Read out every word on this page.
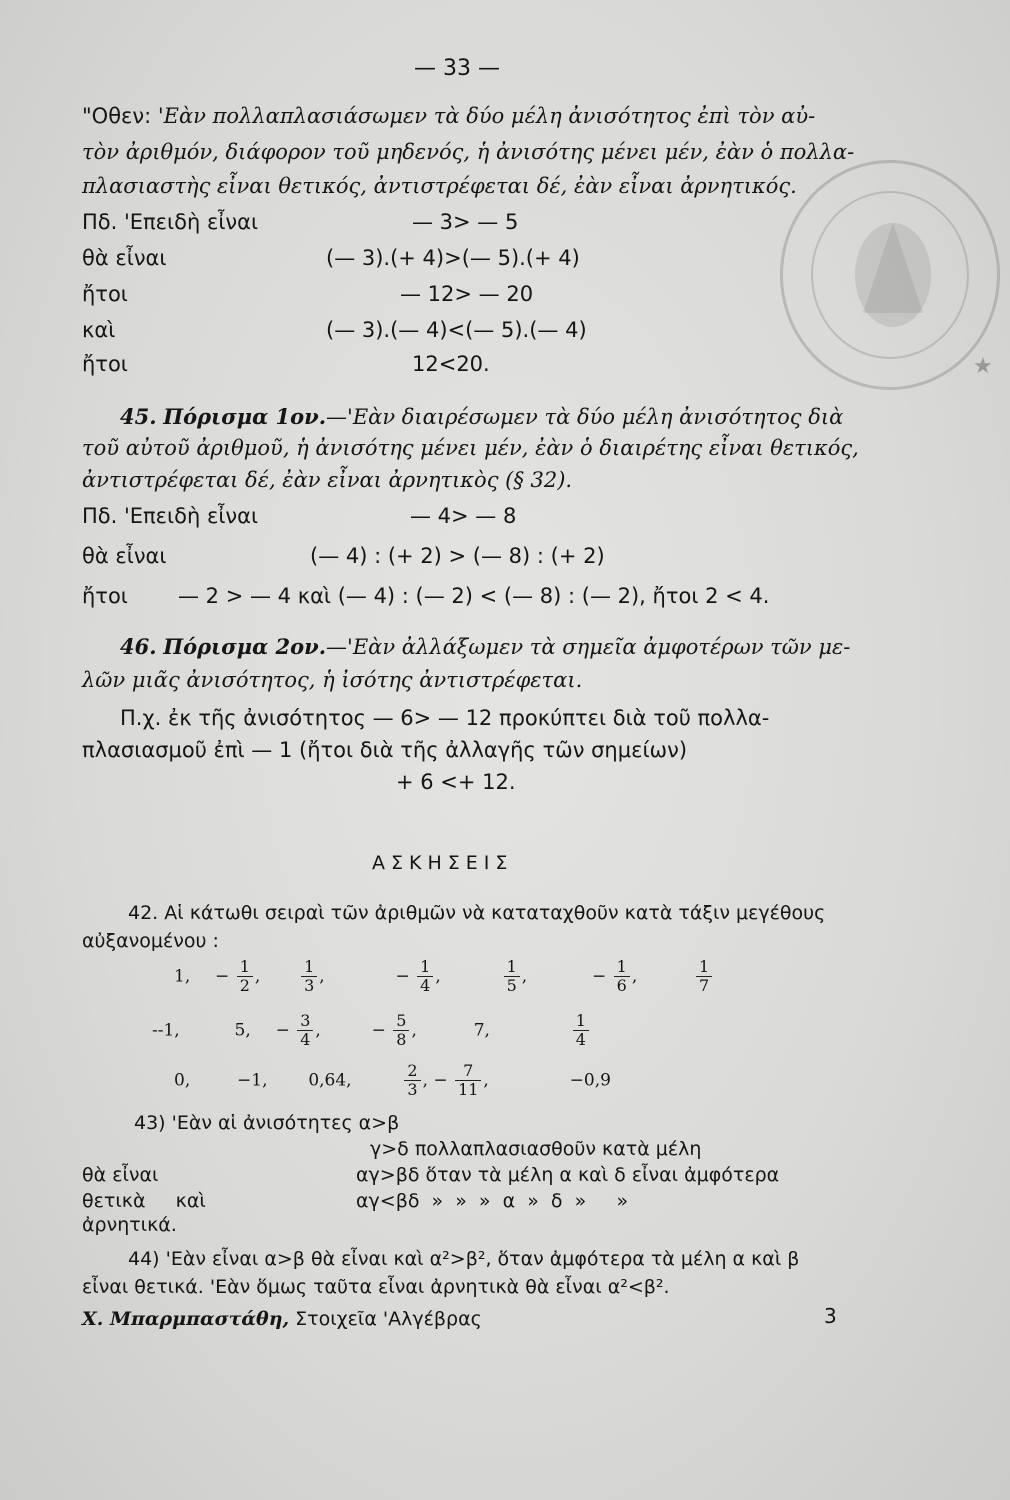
★
— 33 —
"Οθεν: 'Εὰν πολλαπλασιάσωμεν τὰ δύο μέλη ἀνισότητος ἐπὶ τὸν αὐ-
τὸν ἀριθμόν, διάφορον τοῦ μηδενός, ἡ ἀνισότης μένει μέν, ἐὰν ὁ πολλα-
πλασιαστὴς εἶναι θετικός, ἀντιστρέφεται δέ, ἐὰν εἶναι ἀρνητικός.
Πδ. 'Επειδὴ εἶναι	— 3> — 5
θὰ εἶναι	(— 3).(+ 4)>(— 5).(+ 4)
ἤτοι	— 12> — 20
καὶ	(— 3).(— 4)<(— 5).(— 4)
ἤτοι	12<20.
45. Πόρισμα 1ον.—'Εὰν διαιρέσωμεν τὰ δύο μέλη ἀνισότητος διὰ
τοῦ αὐτοῦ ἀριθμοῦ, ἡ ἀνισότης μένει μέν, ἐὰν ὁ διαιρέτης εἶναι θετικός,
ἀντιστρέφεται δέ, ἐὰν εἶναι ἀρνητικὸς (§ 32).
Πδ. 'Επειδὴ εἶναι	— 4> — 8
θὰ εἶναι	(— 4) : (+ 2) > (— 8) : (+ 2)
ἤτοι — 2 > — 4 καὶ (— 4) : (— 2) < (— 8) : (— 2), ἤτοι 2 < 4.
46. Πόρισμα 2ον.—'Εὰν ἀλλάξωμεν τὰ σημεῖα ἀμφοτέρων τῶν με-
λῶν μιᾶς ἀνισότητος, ἡ ἰσότης ἀντιστρέφεται.
Π.χ. ἐκ τῆς ἀνισότητος — 6> — 12 προκύπτει διὰ τοῦ πολλα-
πλασιασμοῦ ἐπὶ — 1 (ἤτοι διὰ τῆς ἀλλαγῆς τῶν σημείων)
+ 6 <+ 12.
ΑΣΚΗΣΕΙΣ
42. Αἱ κάτωθι σειραὶ τῶν ἀριθμῶν νὰ καταταχθοῦν κατὰ τάξιν μεγέθους
αὐξανομένου :
1, − $\frac{1}{2}$ , $\frac{1}{3}$ ,	− $\frac{1}{4}$ ,	$\frac{1}{5}$ ,	− $\frac{1}{6}$ ,	$\frac{1}{7}$
--1,	5, − $\frac{3}{4}$ ,	− $\frac{5}{8}$ ,	7,	$\frac{1}{4}$
0,	−1, 0,64,	$\frac{2}{3}$ , − $\frac{7}{11}$ ,	−0,9
43) 'Εὰν αἱ ἀνισότητες α>β
γ>δ πολλαπλασιασθοῦν κατὰ μέλη
θὰ εἶναι	αγ>βδ ὅταν τὰ μέλη α καὶ δ εἶναι ἀμφότερα
θετικὰ     καὶ	αγ<βδ  »  »  »  α  »  δ  »     »
ἀρνητικά.
44) 'Εὰν εἶναι α>β θὰ εἶναι καὶ α²>β², ὅταν ἀμφότερα τὰ μέλη α καὶ β
εἶναι θετικά. 'Εὰν ὅμως ταῦτα εἶναι ἀρνητικὰ θὰ εἶναι α²<β².
Χ. Μπαρμπαστάθη, Στοιχεῖα 'Αλγέβρας	3
